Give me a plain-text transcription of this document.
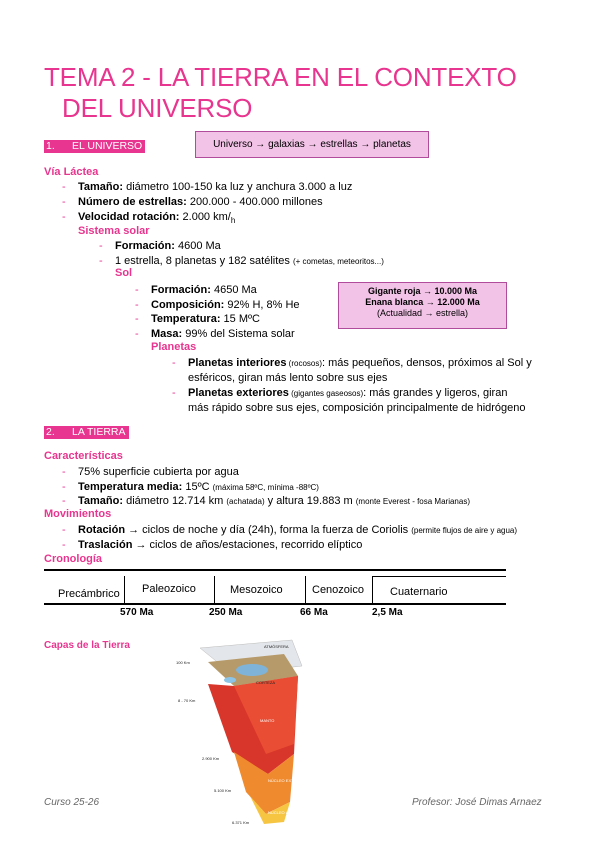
TEMA 2 - LA TIERRA EN EL CONTEXTO
DEL UNIVERSO
1. EL UNIVERSO	Universo → galaxias → estrellas → planetas
Vía Láctea
- Tamaño: diámetro 100-150 ka luz y anchura 3.000 a luz
- Número de estrellas: 200.000 - 400.000 millones
- Velocidad rotación: 2.000 $km/_h$
Sistema solar
- Formación: 4600 Ma
- 1 estrella, 8 planetas y 182 satélites (+ cometas, meteoritos...)
Sol
- Formación: 4650 Ma
- Composición: 92% H, 8% He
- Temperatura: 15 MºC
- Masa: 99% del Sistema solar
Gigante roja → 10.000 Ma
Enana blanca → 12.000 Ma
(Actualidad → estrella)
Planetas
- Planetas interiores (rocosos): más pequeños, densos, próximos al Sol y
esféricos, giran más lento sobre sus ejes
- Planetas exteriores (gigantes gaseosos): más grandes y ligeros, giran
más rápido sobre sus ejes, composición principalmente de hidrógeno
2. LA TIERRA
Características
- 75% superficie cubierta por agua
- Temperatura media: 15ºC (máxima 58ºC, mínima -88ºC)
- Tamaño: diámetro 12.714 km (achatada) y altura 19.883 m (monte Everest - fosa Marianas)
Movimientos
- Rotación → ciclos de noche y día (24h), forma la fuerza de Coriolis (permite flujos de aire y agua)
- Traslación → ciclos de años/estaciones, recorrido elíptico
Cronología
Precámbrico Paleozoico	Mesozoico	Cenozoico Cuaternario
570 Ma	250 Ma	66 Ma	2,5 Ma
Capas de la Tierra	ATMÓSFERA
CORTEZA
MANTO
NÚCLEO EXTERNO
NÚCLEO INTERNO
100 Km
8 - 70 Km
2.900 Km
5.100 Km
6.371 Km
Curso 25-26	Profesor: José Dimas Arnaez
